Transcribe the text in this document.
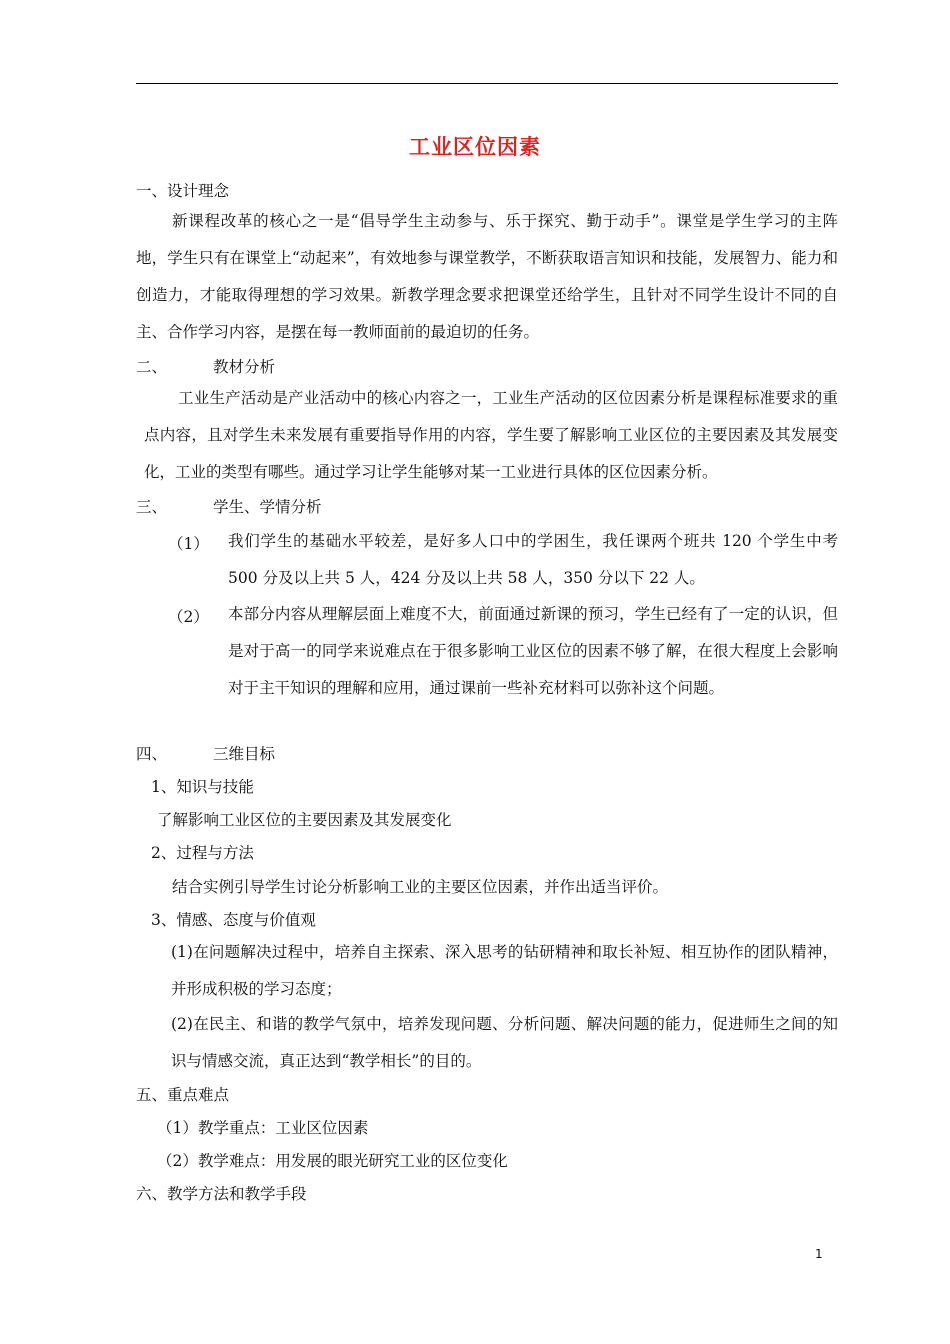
工业区位因素
一、设计理念
新课程改革的核心之一是“倡导学生主动参与、乐于探究、勤于动手”。课堂是学生学习的主阵地，学生只有在课堂上“动起来”，有效地参与课堂教学，不断获取语言知识和技能，发展智力、能力和创造力，才能取得理想的学习效果。新教学理念要求把课堂还给学生，且针对不同学生设计不同的自主、合作学习内容，是摆在每一教师面前的最迫切的任务。
二、	教材分析
工业生产活动是产业活动中的核心内容之一，工业生产活动的区位因素分析是课程标准要求的重点内容，且对学生未来发展有重要指导作用的内容，学生要了解影响工业区位的主要因素及其发展变化，工业的类型有哪些。通过学习让学生能够对某一工业进行具体的区位因素分析。
三、	学生、学情分析
（1） 我们学生的基础水平较差，是好多人口中的学困生，我任课两个班共 120 个学生中考 500 分及以上共 5 人，424 分及以上共 58 人，350 分以下 22 人。
（2） 本部分内容从理解层面上难度不大，前面通过新课的预习，学生已经有了一定的认识，但是对于高一的同学来说难点在于很多影响工业区位的因素不够了解，在很大程度上会影响对于主干知识的理解和应用，通过课前一些补充材料可以弥补这个问题。
四、	三维目标
1、知识与技能
了解影响工业区位的主要因素及其发展变化
2、过程与方法
结合实例引导学生讨论分析影响工业的主要区位因素，并作出适当评价。
3、情感、态度与价值观
(1)在问题解决过程中，培养自主探索、深入思考的钻研精神和取长补短、相互协作的团队精神，并形成积极的学习态度；
(2)在民主、和谐的教学气氛中，培养发现问题、分析问题、解决问题的能力，促进师生之间的知识与情感交流，真正达到“教学相长”的目的。
五、重点难点
（1）教学重点：工业区位因素
（2）教学难点：用发展的眼光研究工业的区位变化
六、教学方法和教学手段
1
